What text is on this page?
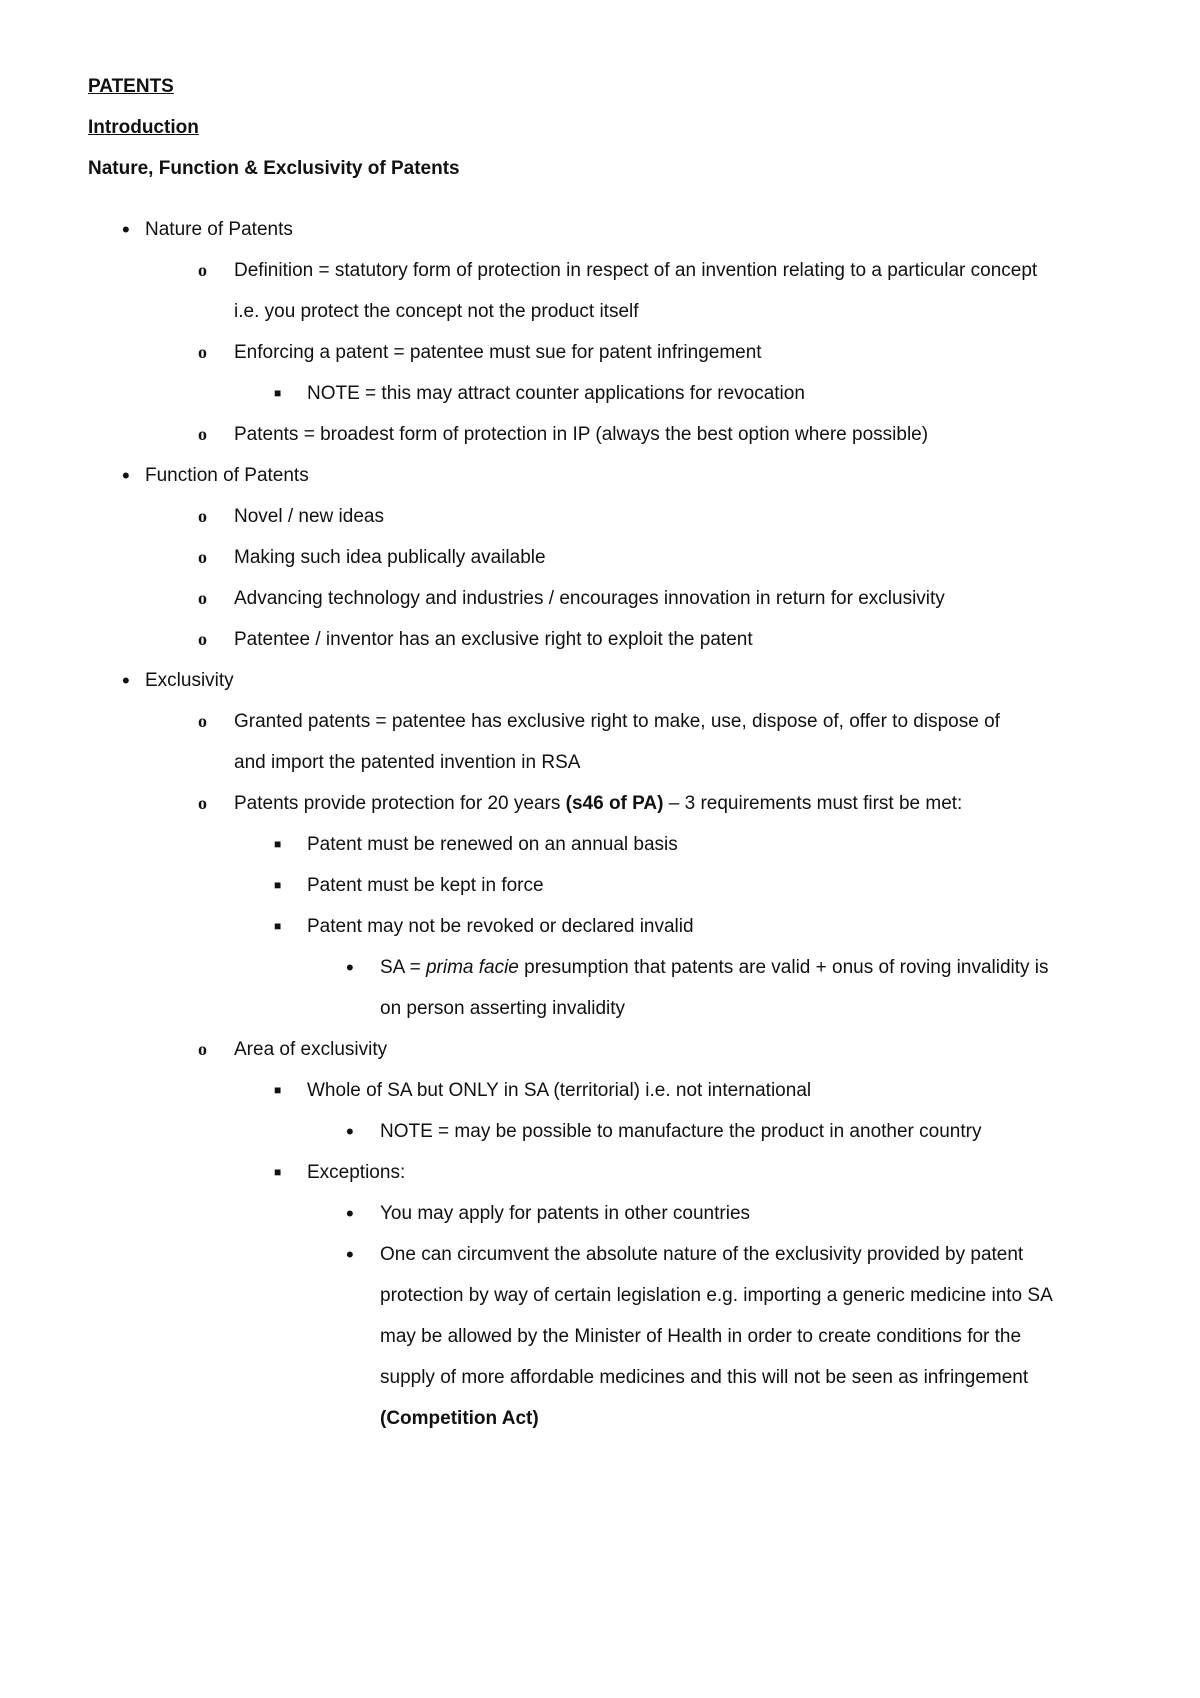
PATENTS
Introduction
Nature, Function & Exclusivity of Patents
• Nature of Patents
o Definition = statutory form of protection in respect of an invention relating to a particular concept
i.e. you protect the concept not the product itself
o Enforcing a patent = patentee must sue for patent infringement
■ NOTE = this may attract counter applications for revocation
o Patents = broadest form of protection in IP (always the best option where possible)
• Function of Patents
o Novel / new ideas
o Making such idea publically available
o Advancing technology and industries / encourages innovation in return for exclusivity
o Patentee / inventor has an exclusive right to exploit the patent
• Exclusivity
o Granted patents = patentee has exclusive right to make, use, dispose of, offer to dispose of
and import the patented invention in RSA
o Patents provide protection for 20 years (s46 of PA) – 3 requirements must first be met:
■ Patent must be renewed on an annual basis
■ Patent must be kept in force
■ Patent may not be revoked or declared invalid
• SA = prima facie presumption that patents are valid + onus of roving invalidity is
on person asserting invalidity
o Area of exclusivity
■ Whole of SA but ONLY in SA (territorial) i.e. not international
• NOTE = may be possible to manufacture the product in another country
■ Exceptions:
• You may apply for patents in other countries
• One can circumvent the absolute nature of the exclusivity provided by patent
protection by way of certain legislation e.g. importing a generic medicine into SA
may be allowed by the Minister of Health in order to create conditions for the
supply of more affordable medicines and this will not be seen as infringement
(Competition Act)
